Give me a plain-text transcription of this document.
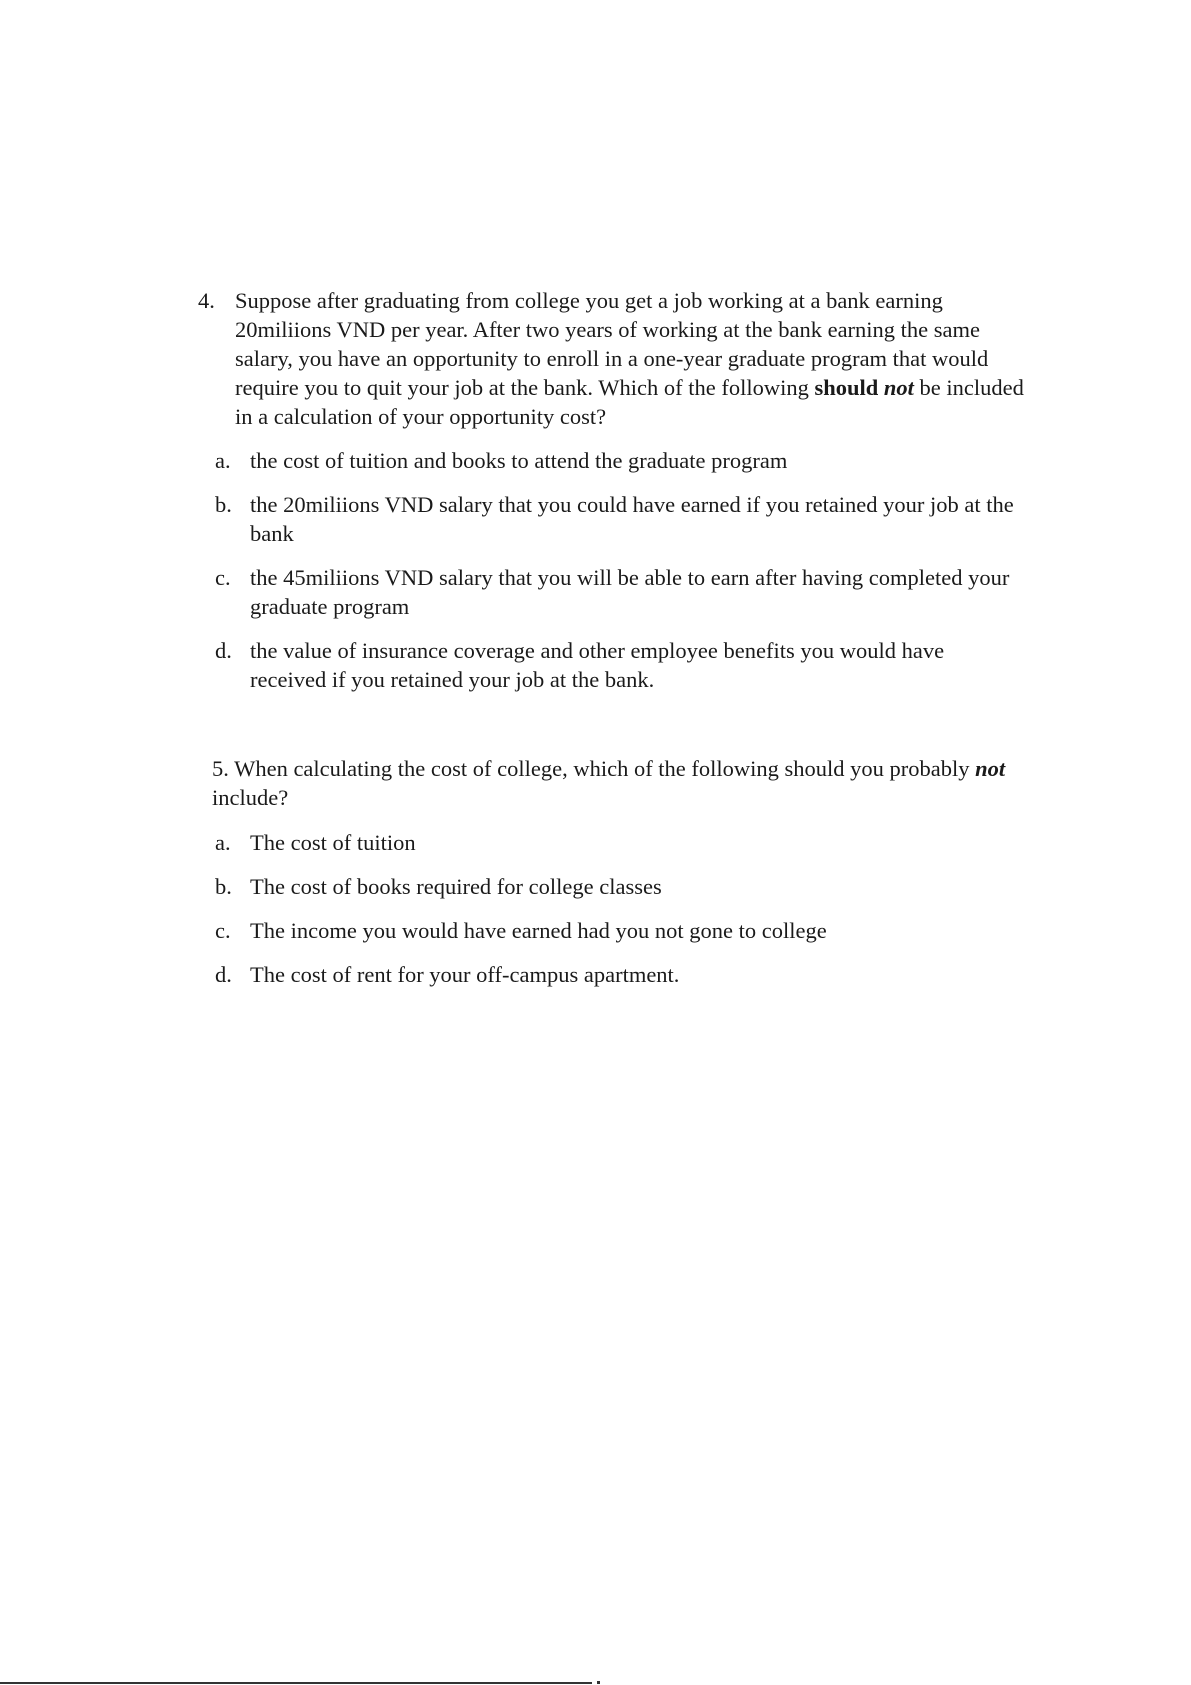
4. Suppose after graduating from college you get a job working at a bank earning 20miliions VND per year. After two years of working at the bank earning the same salary, you have an opportunity to enroll in a one-year graduate program that would require you to quit your job at the bank. Which of the following should not be included in a calculation of your opportunity cost?
a. the cost of tuition and books to attend the graduate program
b. the 20miliions VND salary that you could have earned if you retained your job at the bank
c. the 45miliions VND salary that you will be able to earn after having completed your graduate program
d. the value of insurance coverage and other employee benefits you would have received if you retained your job at the bank.
5. When calculating the cost of college, which of the following should you probably not include?
a. The cost of tuition
b. The cost of books required for college classes
c. The income you would have earned had you not gone to college
d. The cost of rent for your off-campus apartment.
